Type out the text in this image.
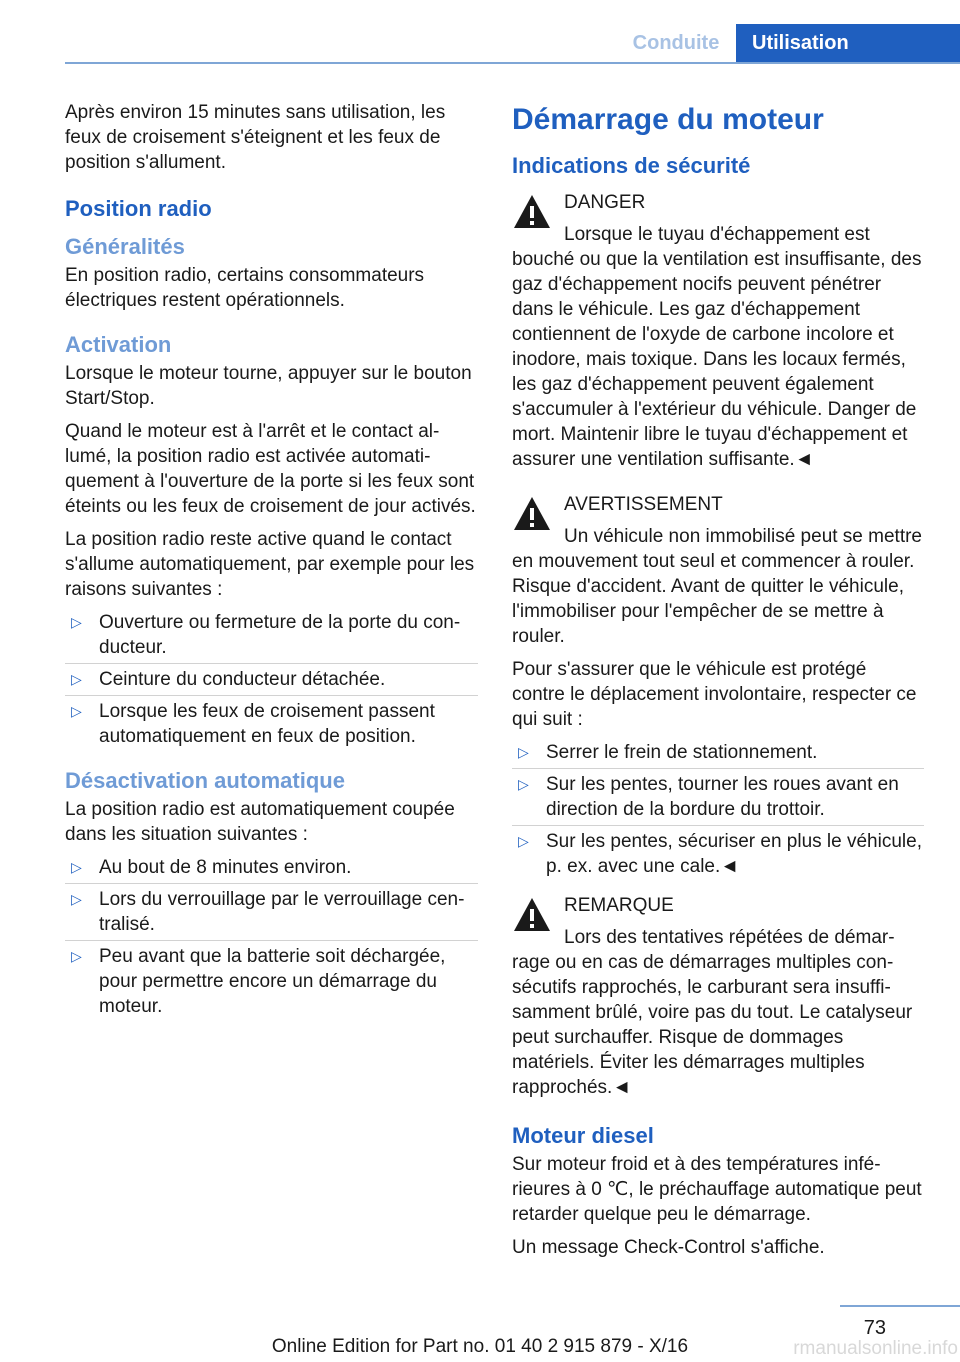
Conduite	Utilisation

Après environ 15 minutes sans utilisation, les feux de croisement s'éteignent et les feux de position s'allument.

Position radio
Généralités

En position radio, certains consommateurs électriques restent opérationnels.

Activation

Lorsque le moteur tourne, appuyer sur le bouton Start/Stop.

Quand le moteur est à l'arrêt et le contact allumé, la position radio est activée automatiquement à l'ouverture de la porte si les feux sont éteints ou les feux de croisement de jour activés.

La position radio reste active quand le contact s'allume automatiquement, par exemple pour les raisons suivantes :

▷ Ouverture ou fermeture de la porte du conducteur.
▷ Ceinture du conducteur détachée.
▷ Lorsque les feux de croisement passent automatiquement en feux de position.
Désactivation automatique

La position radio est automatiquement coupée dans les situation suivantes :

▷ Au bout de 8 minutes environ.
▷ Lors du verrouillage par le verrouillage centralisé.
▷ Peu avant que la batterie soit déchargée, pour permettre encore un démarrage du moteur.
Démarrage du moteur
Indications de sécurité
DANGER
Lorsque le tuyau d'échappement est bouché ou que la ventilation est insuffisante, des gaz d'échappement nocifs peuvent pénétrer dans le véhicule. Les gaz d'échappement contiennent de l'oxyde de carbone incolore et inodore, mais toxique. Dans les locaux fermés, les gaz d'échappement peuvent également s'accumuler à l'extérieur du véhicule. Danger de mort. Maintenir libre le tuyau d'échappement et assurer une ventilation suffisante.◄
AVERTISSEMENT
Un véhicule non immobilisé peut se mettre en mouvement tout seul et commencer à rouler. Risque d'accident. Avant de quitter le véhicule, l'immobiliser pour l'empêcher de se mettre à rouler.

Pour s'assurer que le véhicule est protégé contre le déplacement involontaire, respecter ce qui suit :

▷ Serrer le frein de stationnement.
▷ Sur les pentes, tourner les roues avant en direction de la bordure du trottoir.
▷ Sur les pentes, sécuriser en plus le véhicule, p. ex. avec une cale.◄
REMARQUE
Lors des tentatives répétées de démarrage ou en cas de démarrages multiples consécutifs rapprochés, le carburant sera insuffisamment brûlé, voire pas du tout. Le catalyseur peut surchauffer. Risque de dommages matériels. Éviter les démarrages multiples rapprochés.◄
Moteur diesel

Sur moteur froid et à des températures inférieures à 0 ℃, le préchauffage automatique peut retarder quelque peu le démarrage.

Un message Check-Control s'affiche.

73
Online Edition for Part no. 01 40 2 915 879 - X/16	rmanualsonline.info
